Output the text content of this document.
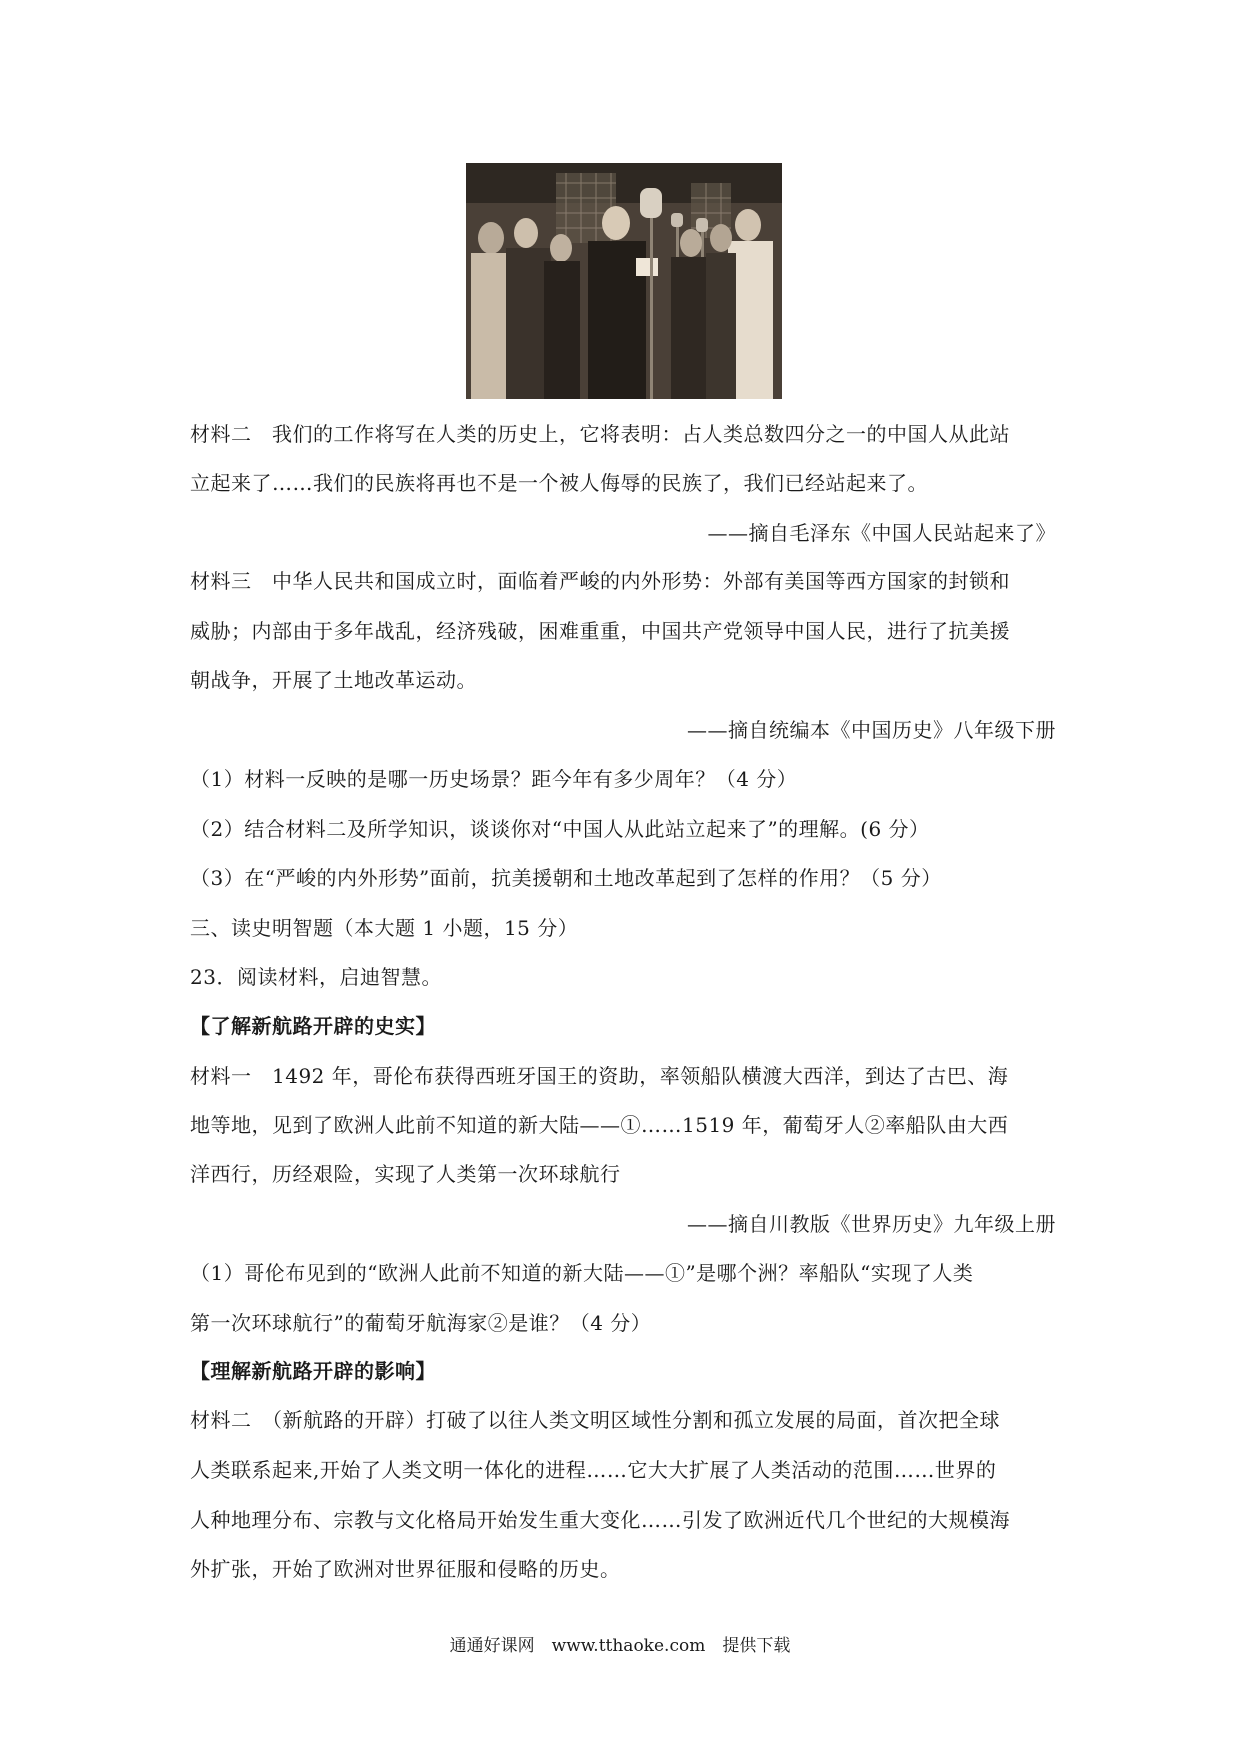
材料二　我们的工作将写在人类的历史上，它将表明：占人类总数四分之一的中国人从此站
立起来了……我们的民族将再也不是一个被人侮辱的民族了，我们已经站起来了。
——摘自毛泽东《中国人民站起来了》
材料三　中华人民共和国成立时，面临着严峻的内外形势：外部有美国等西方国家的封锁和
威胁；内部由于多年战乱，经济残破，困难重重，中国共产党领导中国人民，进行了抗美援
朝战争，开展了土地改革运动。
——摘自统编本《中国历史》八年级下册
（1）材料一反映的是哪一历史场景？距今年有多少周年？（4 分）
（2）结合材料二及所学知识，谈谈你对“中国人从此站立起来了”的理解。(6 分）
（3）在“严峻的内外形势”面前，抗美援朝和土地改革起到了怎样的作用？（5 分）
三、读史明智题（本大题 1 小题，15 分）
23．阅读材料，启迪智慧。
【了解新航路开辟的史实】
材料一　1492 年，哥伦布获得西班牙国王的资助，率领船队横渡大西洋，到达了古巴、海
地等地，见到了欧洲人此前不知道的新大陆——①……1519 年，葡萄牙人②率船队由大西
洋西行，历经艰险，实现了人类第一次环球航行
——摘自川教版《世界历史》九年级上册
（1）哥伦布见到的“欧洲人此前不知道的新大陆——①”是哪个洲？率船队“实现了人类
第一次环球航行”的葡萄牙航海家②是谁？（4 分）
【理解新航路开辟的影响】
材料二　（新航路的开辟）打破了以往人类文明区域性分割和孤立发展的局面，首次把全球
人类联系起来,开始了人类文明一体化的进程……它大大扩展了人类活动的范围……世界的
人种地理分布、宗教与文化格局开始发生重大变化……引发了欧洲近代几个世纪的大规模海
外扩张，开始了欧洲对世界征服和侵略的历史。
通通好课网　www.tthaoke.com　提供下载
